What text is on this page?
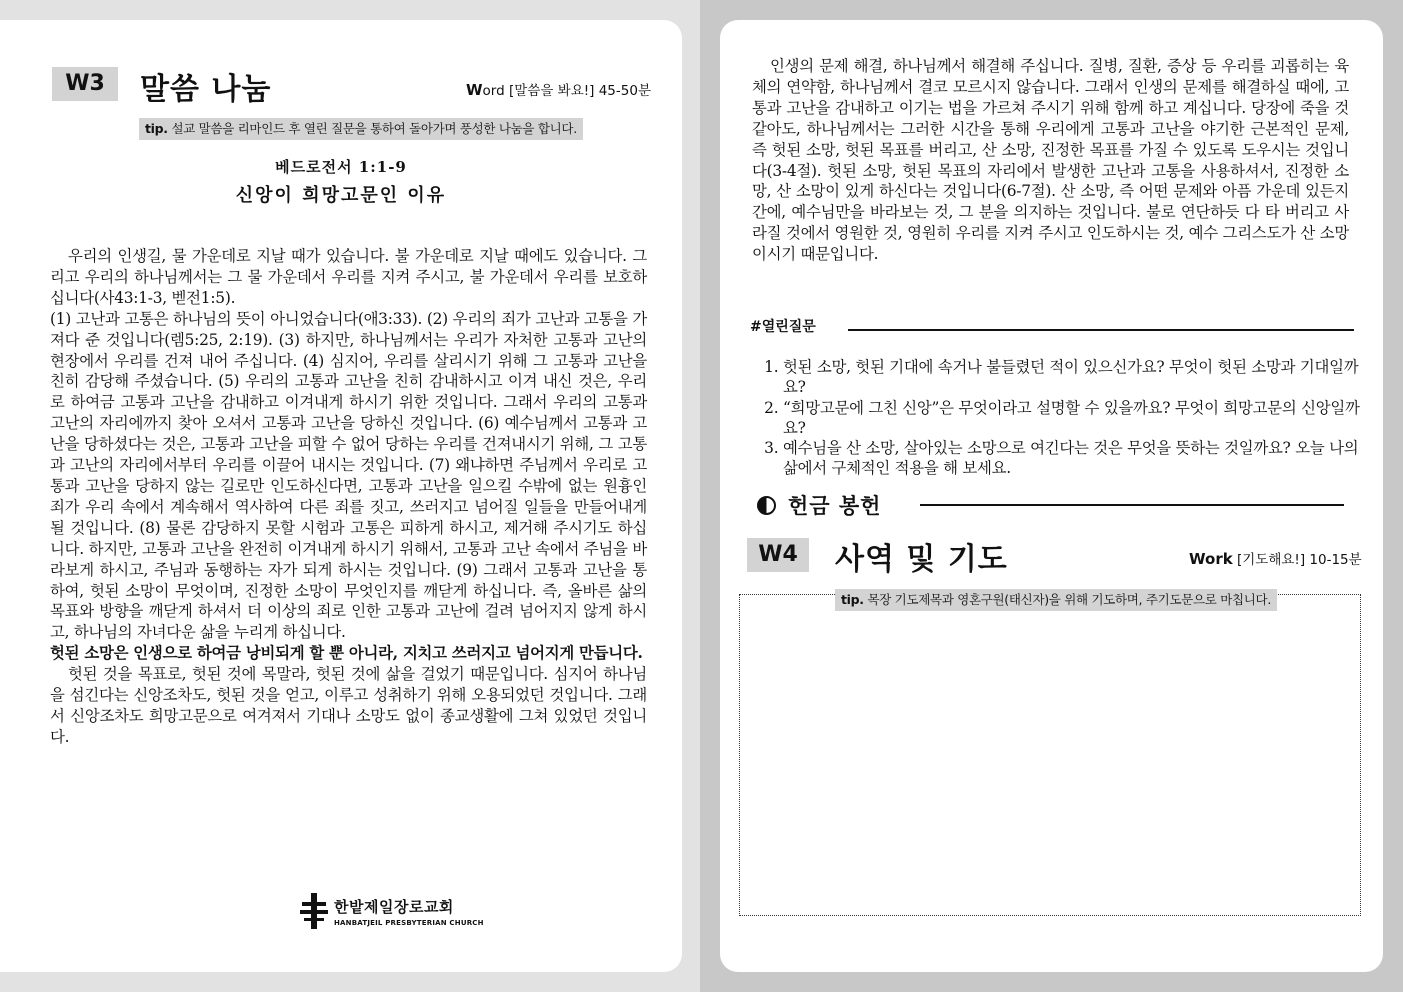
W3	말씀 나눔	Word [말씀을 봐요!] 45-50분
tip. 설교 말씀을 리마인드 후 열린 질문을 통하여 돌아가며 풍성한 나눔을 합니다.
베드로전서 1:1-9
신앙이 희망고문인 이유

우리의 인생길, 물 가운데로 지날 때가 있습니다. 불 가운데로 지날 때에도 있습니다. 그리고 우리의 하나님께서는 그 물 가운데서 우리를 지켜 주시고, 불 가운데서 우리를 보호하십니다(사43:1-3, 벧전1:5).

(1) 고난과 고통은 하나님의 뜻이 아니었습니다(애3:33). (2) 우리의 죄가 고난과 고통을 가져다 준 것입니다(렘5:25, 2:19). (3) 하지만, 하나님께서는 우리가 자처한 고통과 고난의 현장에서 우리를 건져 내어 주십니다. (4) 심지어, 우리를 살리시기 위해 그 고통과 고난을 친히 감당해 주셨습니다. (5) 우리의 고통과 고난을 친히 감내하시고 이겨 내신 것은, 우리로 하여금 고통과 고난을 감내하고 이겨내게 하시기 위한 것입니다. 그래서 우리의 고통과 고난의 자리에까지 찾아 오셔서 고통과 고난을 당하신 것입니다. (6) 예수님께서 고통과 고난을 당하셨다는 것은, 고통과 고난을 피할 수 없어 당하는 우리를 건져내시기 위해, 그 고통과 고난의 자리에서부터 우리를 이끌어 내시는 것입니다. (7) 왜냐하면 주님께서 우리로 고통과 고난을 당하지 않는 길로만 인도하신다면, 고통과 고난을 일으킬 수밖에 없는 원흉인 죄가 우리 속에서 계속해서 역사하여 다른 죄를 짓고, 쓰러지고 넘어질 일들을 만들어내게 될 것입니다. (8) 물론 감당하지 못할 시험과 고통은 피하게 하시고, 제거해 주시기도 하십니다. 하지만, 고통과 고난을 완전히 이겨내게 하시기 위해서, 고통과 고난 속에서 주님을 바라보게 하시고, 주님과 동행하는 자가 되게 하시는 것입니다. (9) 그래서 고통과 고난을 통하여, 헛된 소망이 무엇이며, 진정한 소망이 무엇인지를 깨닫게 하십니다. 즉, 올바른 삶의 목표와 방향을 깨닫게 하셔서 더 이상의 죄로 인한 고통과 고난에 걸려 넘어지지 않게 하시고, 하나님의 자녀다운 삶을 누리게 하십니다.

헛된 소망은 인생으로 하여금 낭비되게 할 뿐 아니라, 지치고 쓰러지고 넘어지게 만듭니다.

헛된 것을 목표로, 헛된 것에 목말라, 헛된 것에 삶을 걸었기 때문입니다. 심지어 하나님을 섬긴다는 신앙조차도, 헛된 것을 얻고, 이루고 성취하기 위해 오용되었던 것입니다. 그래서 신앙조차도 희망고문으로 여겨져서 기대나 소망도 없이 종교생활에 그쳐 있었던 것입니다.

한밭제일장로교회
HANBATJEIL PRESBYTERIAN CHURCH

인생의 문제 해결, 하나님께서 해결해 주십니다. 질병, 질환, 증상 등 우리를 괴롭히는 육체의 연약함, 하나님께서 결코 모르시지 않습니다. 그래서 인생의 문제를 해결하실 때에, 고통과 고난을 감내하고 이기는 법을 가르쳐 주시기 위해 함께 하고 계십니다. 당장에 죽을 것 같아도, 하나님께서는 그러한 시간을 통해 우리에게 고통과 고난을 야기한 근본적인 문제, 즉 헛된 소망, 헛된 목표를 버리고, 산 소망, 진정한 목표를 가질 수 있도록 도우시는 것입니다(3-4절). 헛된 소망, 헛된 목표의 자리에서 발생한 고난과 고통을 사용하셔서, 진정한 소망, 산 소망이 있게 하신다는 것입니다(6-7절). 산 소망, 즉 어떤 문제와 아픔 가운데 있든지 간에, 예수님만을 바라보는 것, 그 분을 의지하는 것입니다. 불로 연단하듯 다 타 버리고 사라질 것에서 영원한 것, 영원히 우리를 지켜 주시고 인도하시는 것, 예수 그리스도가 산 소망이시기 때문입니다.

#열린질문
1. 헛된 소망, 헛된 기대에 속거나 불들렸던 적이 있으신가요? 무엇이 헛된 소망과 기대일까요?
2. “희망고문에 그친 신앙”은 무엇이라고 설명할 수 있을까요? 무엇이 희망고문의 신앙일까요?
3. 예수님을 산 소망, 살아있는 소망으로 여긴다는 것은 무엇을 뜻하는 것일까요? 오늘 나의 삶에서 구체적인 적용을 해 보세요.
헌금 봉헌
W4	사역 및 기도	Work [기도해요!] 10-15분
tip. 목장 기도제목과 영혼구원(태신자)을 위해 기도하며, 주기도문으로 마칩니다.
